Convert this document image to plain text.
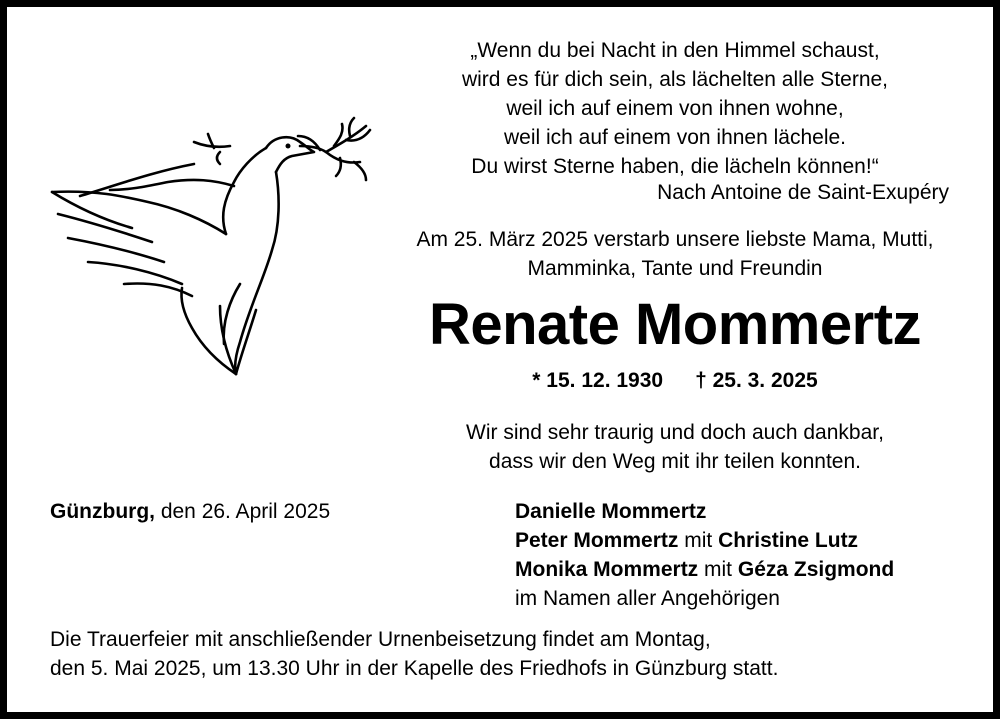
„Wenn du bei Nacht in den Himmel schaust,
wird es für dich sein, als lächelten alle Sterne,
weil ich auf einem von ihnen wohne,
weil ich auf einem von ihnen lächele.
Du wirst Sterne haben, die lächeln können!“
Nach Antoine de Saint-Exupéry
Am 25. März 2025 verstarb unsere liebste Mama, Mutti,
Mamminka, Tante und Freundin
Renate Mommertz
* 15. 12. 1930 † 25. 3. 2025
Wir sind sehr traurig und doch auch dankbar,
dass wir den Weg mit ihr teilen konnten.
Günzburg, den 26. April 2025	Danielle Mommertz
Peter Mommertz mit Christine Lutz
Monika Mommertz mit Géza Zsigmond
im Namen aller Angehörigen
Die Trauerfeier mit anschließender Urnenbeisetzung findet am Montag,
den 5. Mai 2025, um 13.30 Uhr in der Kapelle des Friedhofs in Günzburg statt.
